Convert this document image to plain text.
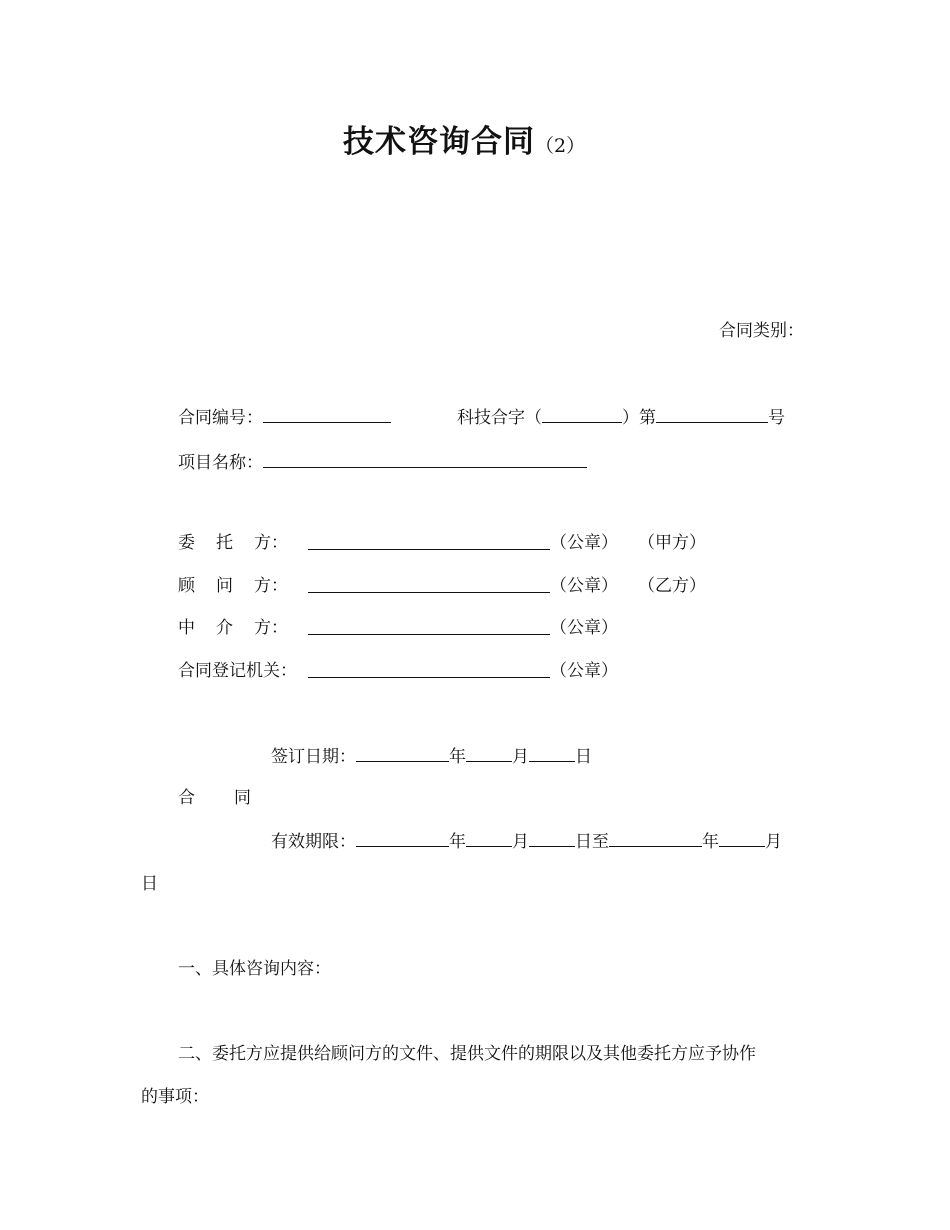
技术咨询合同（2）
合同类别：
合同编号：	科技合字（	）第	号
项目名称：
委 托 方：	（公章） （甲方）
顾 问 方：	（公章） （乙方）
中 介 方：	（公章）
合同登记机关：	（公章）
签订日期：	年	月	日
合 同
有效期限：	年	月	日至	年	月
日
一、具体咨询内容：
二、委托方应提供给顾问方的文件、提供文件的期限以及其他委托方应予协作
的事项：
